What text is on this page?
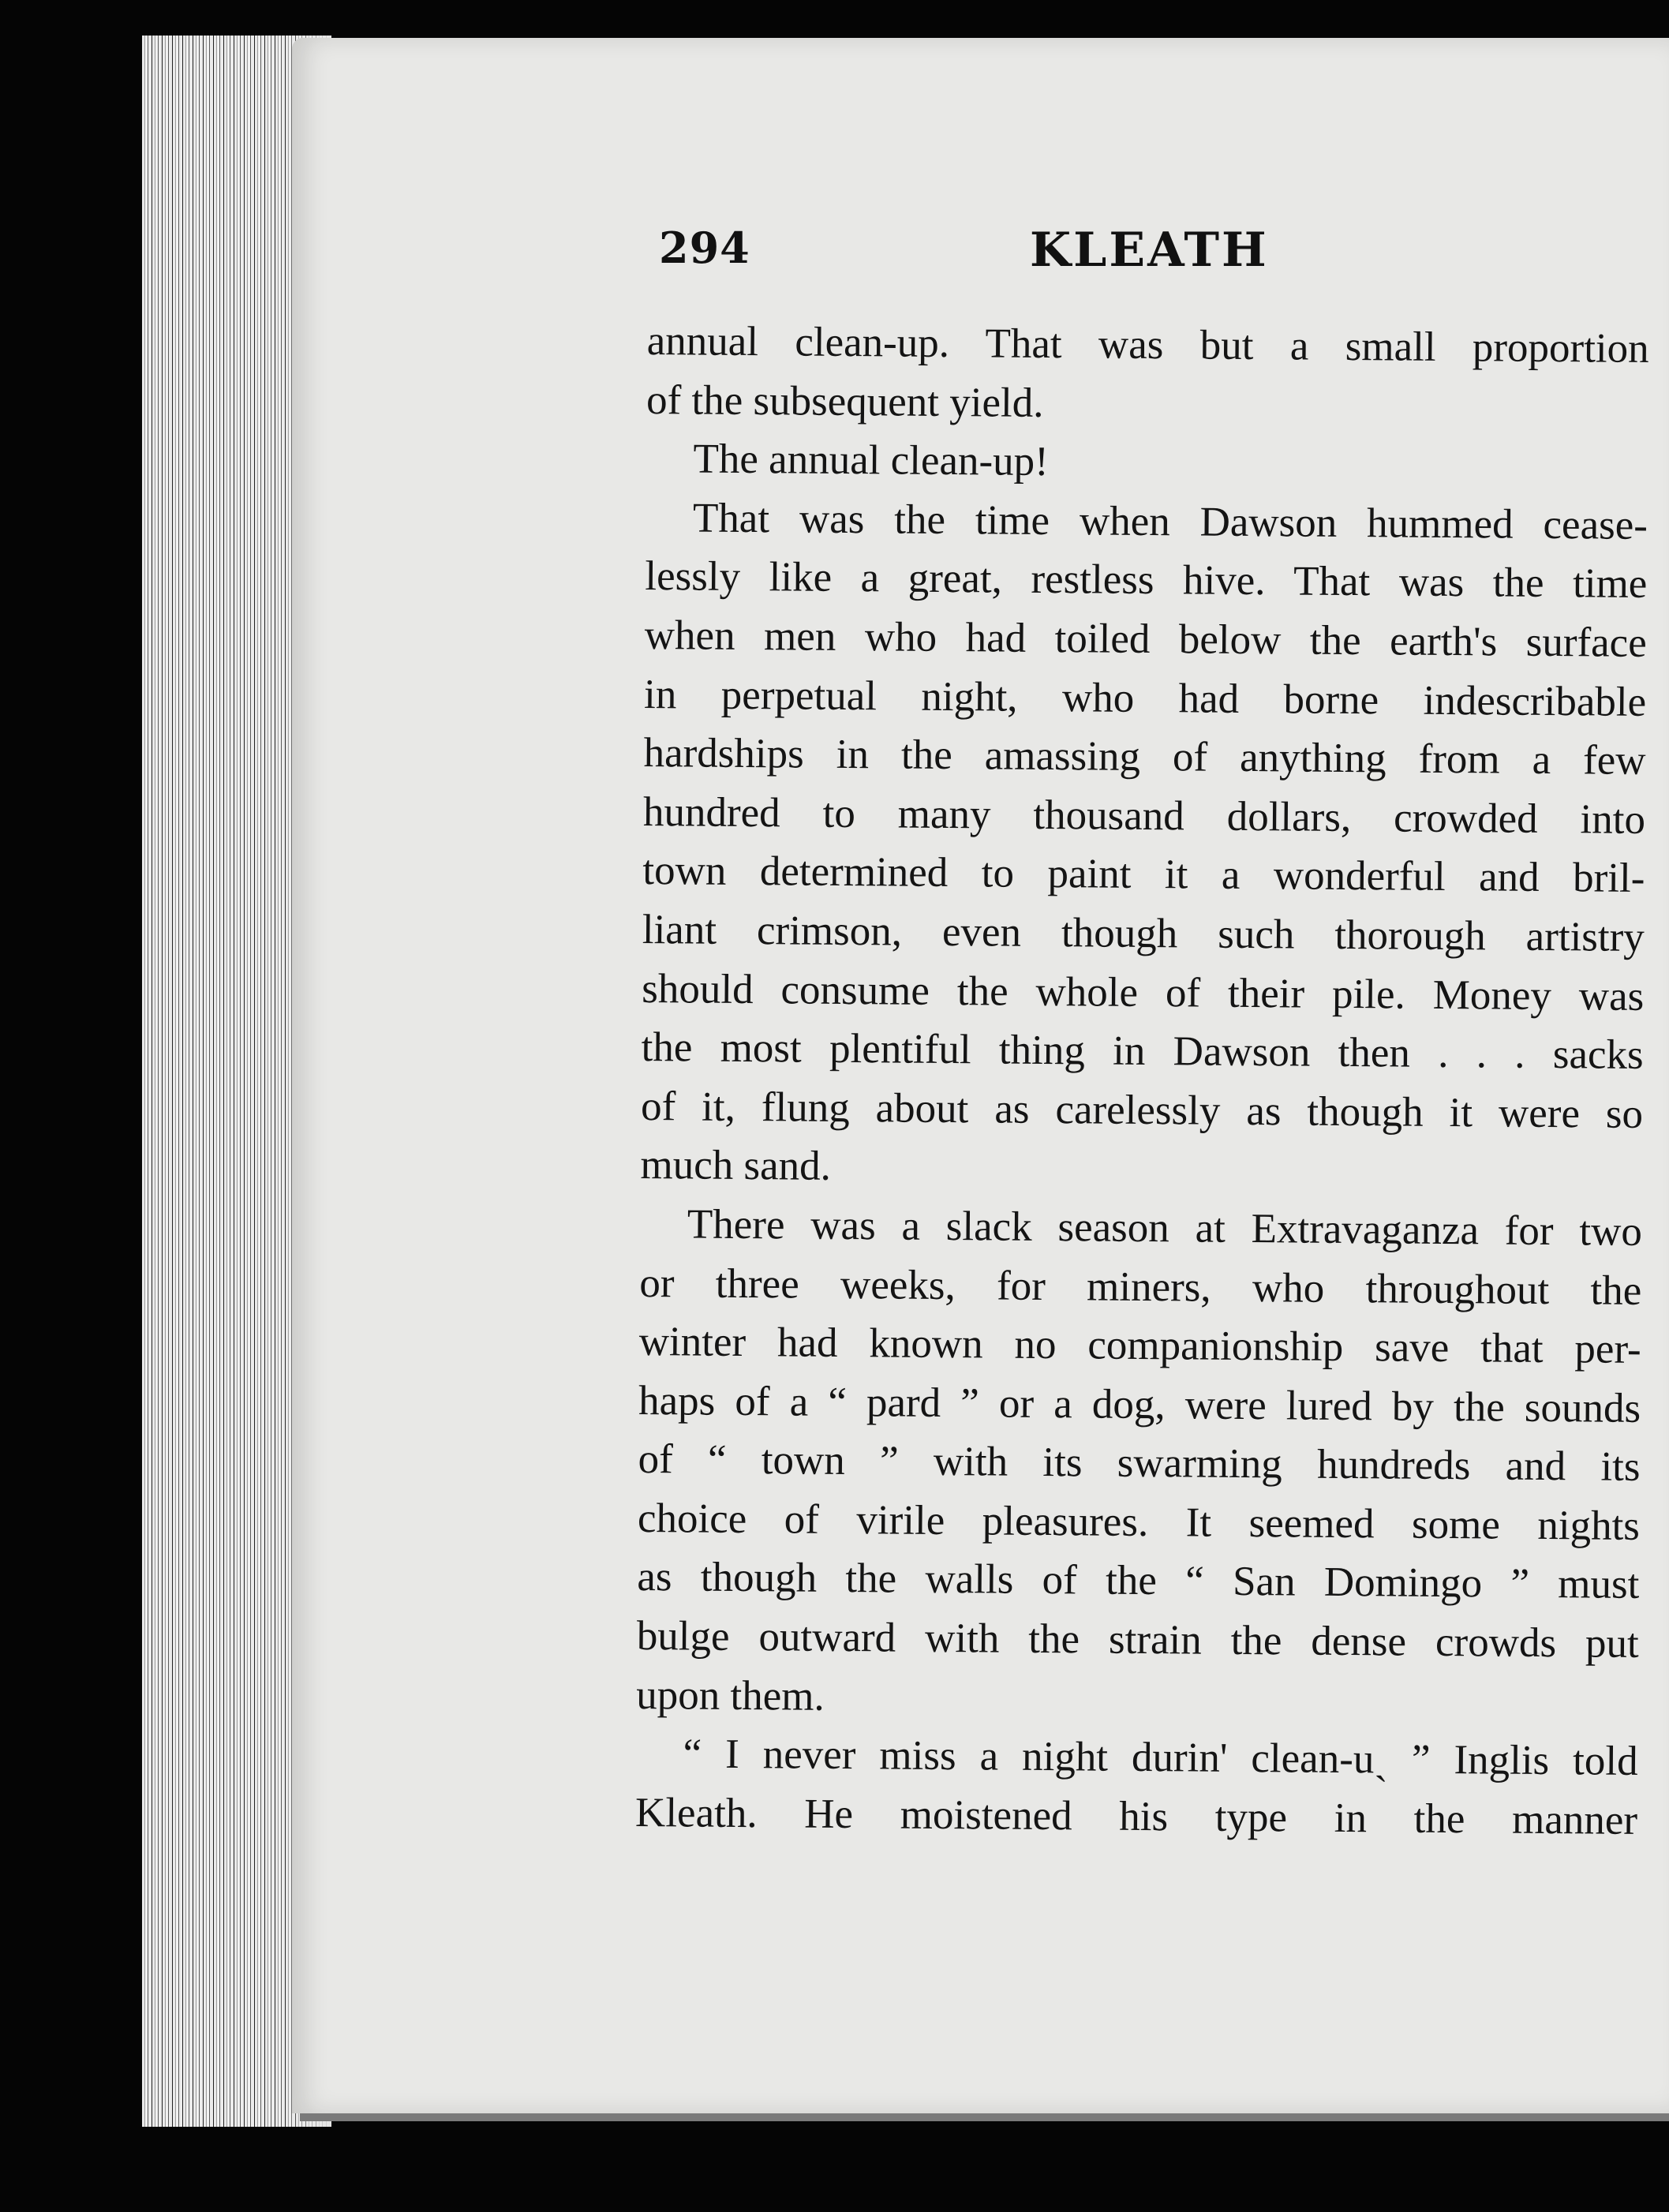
294	KLEATH

annual clean-up. That was but a small proportion
of the subsequent yield.

The annual clean-up!

That was the time when Dawson hummed cease-
lessly like a great, restless hive. That was the time
when men who had toiled below the earth's surface
in perpetual night, who had borne indescribable
hardships in the amassing of anything from a few
hundred to many thousand dollars, crowded into
town determined to paint it a wonderful and bril-
liant crimson, even though such thorough artistry
should consume the whole of their pile. Money was
the most plentiful thing in Dawson then . . . sacks
of it, flung about as carelessly as though it were so
much sand.

There was a slack season at Extravaganza for two
or three weeks, for miners, who throughout the
winter had known no companionship save that per-
haps of a “ pard ” or a dog, were lured by the sounds
of “ town ” with its swarming hundreds and its
choice of virile pleasures. It seemed some nights
as though the walls of the “ San Domingo ” must
bulge outward with the strain the dense crowds put
upon them.

“ I never miss a night durin' clean-uˎ ” Inglis told
Kleath. He moistened his type in the manner
